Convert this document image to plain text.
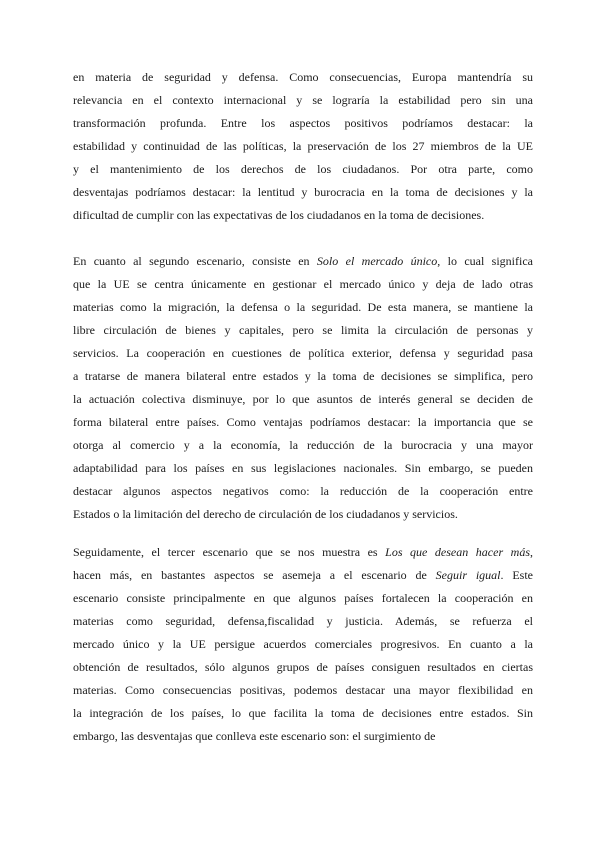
en materia de seguridad y defensa. Como consecuencias, Europa mantendría su
relevancia en el contexto internacional y se lograría la estabilidad pero sin una
transformación profunda. Entre los aspectos positivos podríamos destacar: la
estabilidad y continuidad de las políticas, la preservación de los 27 miembros de la UE
y el mantenimiento de los derechos de los ciudadanos. Por otra parte, como
desventajas podríamos destacar: la lentitud y burocracia en la toma de decisiones y la
dificultad de cumplir con las expectativas de los ciudadanos en la toma de decisiones.
En cuanto al segundo escenario, consiste en Solo el mercado único, lo cual significa
que la UE se centra únicamente en gestionar el mercado único y deja de lado otras
materias como la migración, la defensa o la seguridad. De esta manera, se mantiene la
libre circulación de bienes y capitales, pero se limita la circulación de personas y
servicios. La cooperación en cuestiones de política exterior, defensa y seguridad pasa
a tratarse de manera bilateral entre estados y la toma de decisiones se simplifica, pero
la actuación colectiva disminuye, por lo que asuntos de interés general se deciden de
forma bilateral entre países. Como ventajas podríamos destacar: la importancia que se
otorga al comercio y a la economía, la reducción de la burocracia y una mayor
adaptabilidad para los países en sus legislaciones nacionales. Sin embargo, se pueden
destacar algunos aspectos negativos como: la reducción de la cooperación entre
Estados o la limitación del derecho de circulación de los ciudadanos y servicios.
Seguidamente, el tercer escenario que se nos muestra es Los que desean hacer más,
hacen más, en bastantes aspectos se asemeja a el escenario de Seguir igual. Este
escenario consiste principalmente en que algunos países fortalecen la cooperación en
materias como seguridad, defensa,fiscalidad y justicia. Además, se refuerza el
mercado único y la UE persigue acuerdos comerciales progresivos. En cuanto a la
obtención de resultados, sólo algunos grupos de países consiguen resultados en ciertas
materias. Como consecuencias positivas, podemos destacar una mayor flexibilidad en
la integración de los países, lo que facilita la toma de decisiones entre estados. Sin
embargo, las desventajas que conlleva este escenario son: el surgimiento de
